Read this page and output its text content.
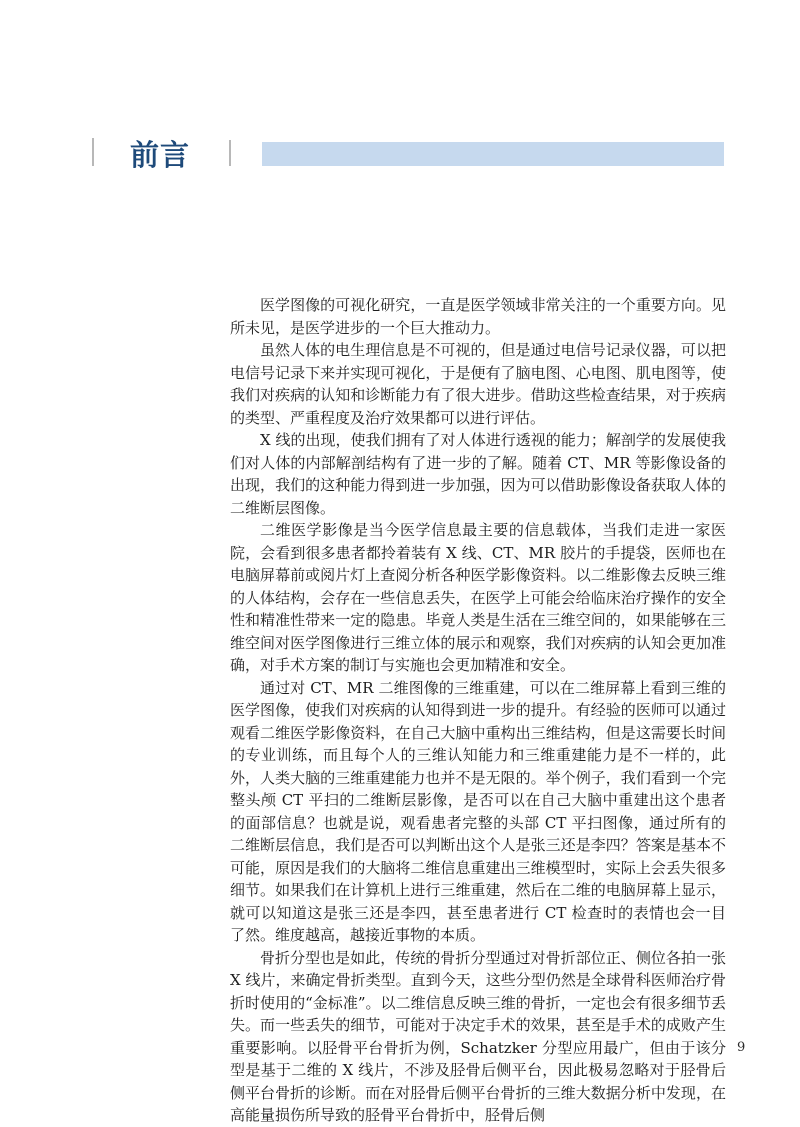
前言

医学图像的可视化研究，一直是医学领域非常关注的一个重要方向。见所未见，是医学进步的一个巨大推动力。

虽然人体的电生理信息是不可视的，但是通过电信号记录仪器，可以把电信号记录下来并实现可视化，于是便有了脑电图、心电图、肌电图等，使我们对疾病的认知和诊断能力有了很大进步。借助这些检查结果，对于疾病的类型、严重程度及治疗效果都可以进行评估。

X 线的出现，使我们拥有了对人体进行透视的能力；解剖学的发展使我们对人体的内部解剖结构有了进一步的了解。随着 CT、MR 等影像设备的出现，我们的这种能力得到进一步加强，因为可以借助影像设备获取人体的二维断层图像。

二维医学影像是当今医学信息最主要的信息载体，当我们走进一家医院，会看到很多患者都拎着装有 X 线、CT、MR 胶片的手提袋，医师也在电脑屏幕前或阅片灯上查阅分析各种医学影像资料。以二维影像去反映三维的人体结构，会存在一些信息丢失，在医学上可能会给临床治疗操作的安全性和精准性带来一定的隐患。毕竟人类是生活在三维空间的，如果能够在三维空间对医学图像进行三维立体的展示和观察，我们对疾病的认知会更加准确，对手术方案的制订与实施也会更加精准和安全。

通过对 CT、MR 二维图像的三维重建，可以在二维屏幕上看到三维的医学图像，使我们对疾病的认知得到进一步的提升。有经验的医师可以通过观看二维医学影像资料，在自己大脑中重构出三维结构，但是这需要长时间的专业训练，而且每个人的三维认知能力和三维重建能力是不一样的，此外，人类大脑的三维重建能力也并不是无限的。举个例子，我们看到一个完整头颅 CT 平扫的二维断层影像，是否可以在自己大脑中重建出这个患者的面部信息？也就是说，观看患者完整的头部 CT 平扫图像，通过所有的二维断层信息，我们是否可以判断出这个人是张三还是李四？答案是基本不可能，原因是我们的大脑将二维信息重建出三维模型时，实际上会丢失很多细节。如果我们在计算机上进行三维重建，然后在二维的电脑屏幕上显示，就可以知道这是张三还是李四，甚至患者进行 CT 检查时的表情也会一目了然。维度越高，越接近事物的本质。

骨折分型也是如此，传统的骨折分型通过对骨折部位正、侧位各拍一张 X 线片，来确定骨折类型。直到今天，这些分型仍然是全球骨科医师治疗骨折时使用的“金标准”。以二维信息反映三维的骨折，一定也会有很多细节丢失。而一些丢失的细节，可能对于决定手术的效果，甚至是手术的成败产生重要影响。以胫骨平台骨折为例，Schatzker 分型应用最广，但由于该分型是基于二维的 X 线片，不涉及胫骨后侧平台，因此极易忽略对于胫骨后侧平台骨折的诊断。而在对胫骨后侧平台骨折的三维大数据分析中发现，在高能量损伤所导致的胫骨平台骨折中，胫骨后侧

9
